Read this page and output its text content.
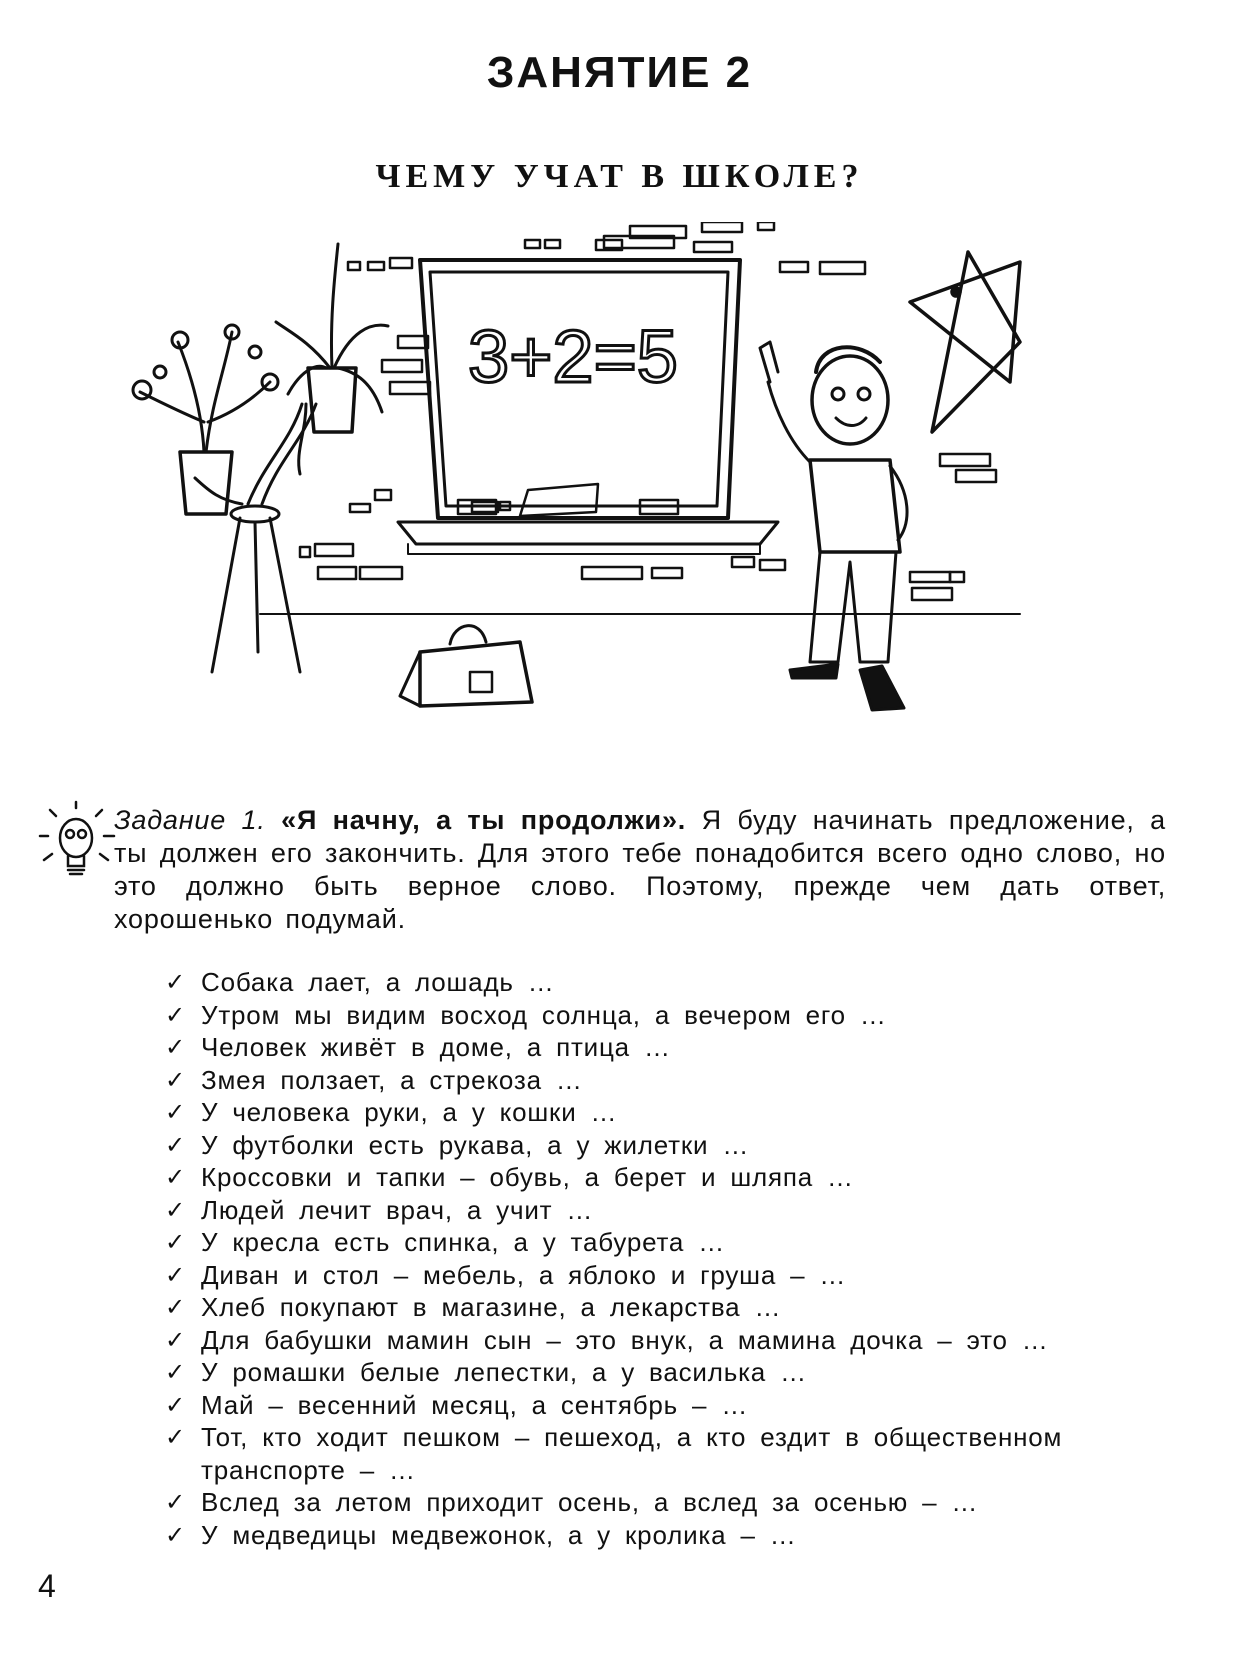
ЗАНЯТИЕ 2
ЧЕМУ УЧАТ В ШКОЛЕ?
3+2=5
Задание 1. «Я начну, а ты продолжи». Я буду начинать предложение, а ты должен его закончить. Для этого тебе понадобится всего одно слово, но это должно быть верное слово. Поэтому, прежде чем дать ответ, хорошенько подумай.
✓ Собака лает, а лошадь …
✓ Утром мы видим восход солнца, а вечером его …
✓ Человек живёт в доме, а птица …
✓ Змея ползает, а стрекоза …
✓ У человека руки, а у кошки …
✓ У футболки есть рукава, а у жилетки …
✓ Кроссовки и тапки – обувь, а берет и шляпа …
✓ Людей лечит врач, а учит …
✓ У кресла есть спинка, а у табурета …
✓ Диван и стол – мебель, а яблоко и груша – …
✓ Хлеб покупают в магазине, а лекарства …
✓ Для бабушки мамин сын – это внук, а мамина дочка – это …
✓ У ромашки белые лепестки, а у василька …
✓ Май – весенний месяц, а сентябрь – …
✓ Тот, кто ходит пешком – пешеход, а кто ездит в общественном транспорте – …
✓ Вслед за летом приходит осень, а вслед за осенью – …
✓ У медведицы медвежонок, а у кролика – …
4
